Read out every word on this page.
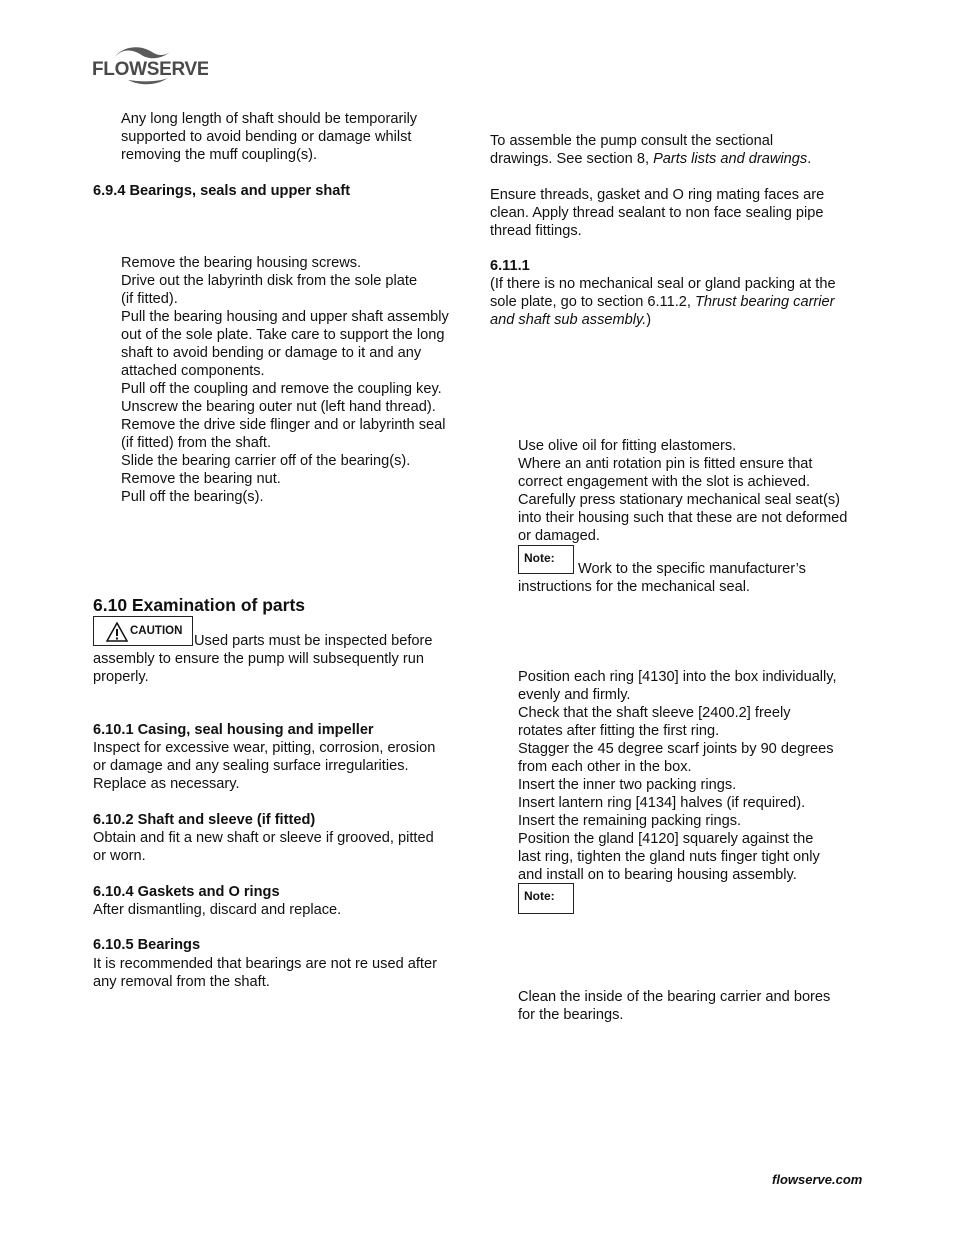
FLOWSERVE
Any long length of shaft should be temporarily
supported to avoid bending or damage whilst
removing the muff coupling(s).
6.9.4 Bearings, seals and upper shaft
Remove the bearing housing screws.
Drive out the labyrinth disk from the sole plate
(if fitted).
Pull the bearing housing and upper shaft assembly
out of the sole plate. Take care to support the long
shaft to avoid bending or damage to it and any
attached components.
Pull off the coupling and remove the coupling key.
Unscrew the bearing outer nut (left hand thread).
Remove the drive side flinger and or labyrinth seal
(if fitted) from the shaft.
Slide the bearing carrier off of the bearing(s).
Remove the bearing nut.
Pull off the bearing(s).
6.10 Examination of parts
CAUTION
Used parts must be inspected before
assembly to ensure the pump will subsequently run
properly.
6.10.1 Casing, seal housing and impeller
Inspect for excessive wear, pitting, corrosion, erosion
or damage and any sealing surface irregularities.
Replace as necessary.
6.10.2 Shaft and sleeve (if fitted)
Obtain and fit a new shaft or sleeve if grooved, pitted
or worn.
6.10.4 Gaskets and O rings
After dismantling, discard and replace.
6.10.5 Bearings
It is recommended that bearings are not re used after
any removal from the shaft.
To assemble the pump consult the sectional
drawings. See section 8, Parts lists and drawings.
Ensure threads, gasket and O ring mating faces are
clean. Apply thread sealant to non face sealing pipe
thread fittings.
6.11.1
(If there is no mechanical seal or gland packing at the
sole plate, go to section 6.11.2, Thrust bearing carrier
and shaft sub assembly.)
Use olive oil for fitting elastomers.
Where an anti rotation pin is fitted ensure that
correct engagement with the slot is achieved.
Carefully press stationary mechanical seal seat(s)
into their housing such that these are not deformed
or damaged.
Note:
Work to the specific manufacturer’s
instructions for the mechanical seal.
Position each ring [4130] into the box individually,
evenly and firmly.
Check that the shaft sleeve [2400.2] freely
rotates after fitting the first ring.
Stagger the 45 degree scarf joints by 90 degrees
from each other in the box.
Insert the inner two packing rings.
Insert lantern ring [4134] halves (if required).
Insert the remaining packing rings.
Position the gland [4120] squarely against the
last ring, tighten the gland nuts finger tight only
and install on to bearing housing assembly.
Note:
Clean the inside of the bearing carrier and bores
for the bearings.
flowserve.com
